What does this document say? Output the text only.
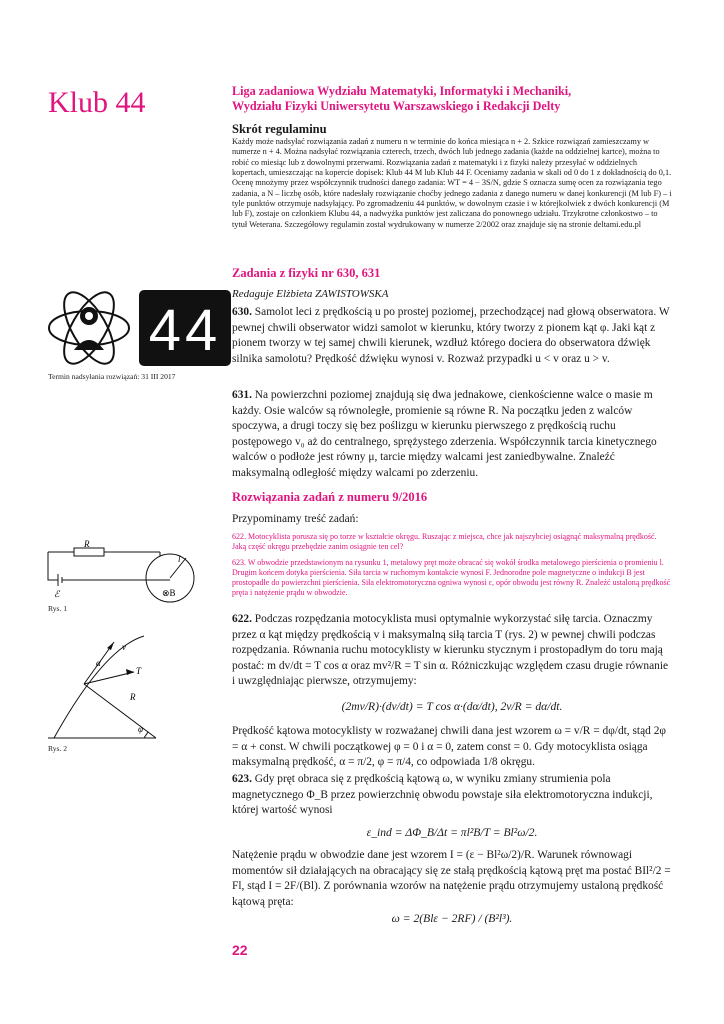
Klub 44	Liga zadaniowa Wydziału Matematyki, Informatyki i Mechaniki,
Wydziału Fizyki Uniwersytetu Warszawskiego i Redakcji Delty
Skrót regulaminu

Każdy może nadsyłać rozwiązania zadań z numeru n w terminie do końca miesiąca n + 2. Szkice rozwiązań zamieszczamy w numerze n + 4. Można nadsyłać rozwiązania czterech, trzech, dwóch lub jednego zadania (każde na oddzielnej kartce), można to robić co miesiąc lub z dowolnymi przerwami. Rozwiązania zadań z matematyki i z fizyki należy przesyłać w oddzielnych kopertach, umieszczając na kopercie dopisek: Klub 44 M lub Klub 44 F. Oceniamy zadania w skali od 0 do 1 z dokładnością do 0,1. Ocenę mnożymy przez współczynnik trudności danego zadania: WT = 4 − 3S/N, gdzie S oznacza sumę ocen za rozwiązania tego zadania, a N – liczbę osób, które nadesłały rozwiązanie choćby jednego zadania z danego numeru w danej konkurencji (M lub F) – i tyle punktów otrzymuje nadsyłający. Po zgromadzeniu 44 punktów, w dowolnym czasie i w którejkolwiek z dwóch konkurencji (M lub F), zostaje on członkiem Klubu 44, a nadwyżka punktów jest zaliczana do ponownego udziału. Trzykrotne członkostwo – to tytuł Weterana. Szczegółowy regulamin został wydrukowany w numerze 2/2002 oraz znajduje się na stronie deltami.edu.pl

44
Termin nadsyłania rozwiązań: 31 III 2017
Zadania z fizyki nr 630, 631
Redaguje Elżbieta ZAWISTOWSKA

630. Samolot leci z prędkością u po prostej poziomej, przechodzącej nad głową obserwatora. W pewnej chwili obserwator widzi samolot w kierunku, który tworzy z pionem kąt φ. Jaki kąt z pionem tworzy w tej samej chwili kierunek, wzdłuż którego dociera do obserwatora dźwięk silnika samolotu? Prędkość dźwięku wynosi v. Rozważ przypadki u < v oraz u > v.

631. Na powierzchni poziomej znajdują się dwa jednakowe, cienkościenne walce o masie m każdy. Osie walców są równoległe, promienie są równe R. Na początku jeden z walców spoczywa, a drugi toczy się bez poślizgu w kierunku pierwszego z prędkością ruchu postępowego v₀ aż do centralnego, sprężystego zderzenia. Współczynnik tarcia kinetycznego walców o podłoże jest równy μ, tarcie między walcami jest zaniedbywalne. Znaleźć maksymalną odległość między walcami po zderzeniu.

Rozwiązania zadań z numeru 9/2016
Przypominamy treść zadań:
622. Motocyklista porusza się po torze w kształcie okręgu. Ruszając z miejsca, chce jak najszybciej osiągnąć maksymalną prędkość. Jaką część okręgu przebędzie zanim osiągnie ten cel?
623. W obwodzie przedstawionym na rysunku 1, metalowy pręt może obracać się wokół środka metalowego pierścienia o promieniu l. Drugim końcem dotyka pierścienia. Siła tarcia w ruchomym kontakcie wynosi F. Jednorodne pole magnetyczne o indukcji B jest prostopadłe do powierzchni pierścienia. Siła elektromotoryczna ogniwa wynosi ε, opór obwodu jest równy R. Znaleźć ustaloną prędkość pręta i natężenie prądu w obwodzie.

622. Podczas rozpędzania motocyklista musi optymalnie wykorzystać siłę tarcia. Oznaczmy przez α kąt między prędkością v i maksymalną siłą tarcia T (rys. 2) w pewnej chwili podczas rozpędzania. Równania ruchu motocyklisty w kierunku stycznym i prostopadłym do toru mają postać: m dv/dt = T cos α oraz mv²/R = T sin α. Różniczkując względem czasu drugie równanie i uwzględniając pierwsze, otrzymujemy:

(2mv/R)·(dv/dt) = T cos α·(dα/dt), 2v/R = dα/dt.
Prędkość kątowa motocyklisty w rozważanej chwili dana jest wzorem ω = v/R = dφ/dt, stąd 2φ = α + const. W chwili początkowej φ = 0 i α = 0, zatem const = 0. Gdy motocyklista osiąga maksymalną prędkość, α = π/2, φ = π/4, co odpowiada 1/8 okręgu.

623. Gdy pręt obraca się z prędkością kątową ω, w wyniku zmiany strumienia pola magnetycznego Φ_B przez powierzchnię obwodu powstaje siła elektromotoryczna indukcji, której wartość wynosi

ε_ind = ΔΦ_B/Δt = πl²B/T = Bl²ω/2.
Natężenie prądu w obwodzie dane jest wzorem I = (ε − Bl²ω/2)/R. Warunek równowagi momentów sił działających na obracający się ze stałą prędkością kątową pręt ma postać BIl²/2 = Fl, stąd I = 2F/(Bl). Z porównania wzorów na natężenie prądu otrzymujemy ustaloną prędkość kątową pręta:
ω = 2(Blε − 2RF) / (B²l³).
R
l
ℰ	⊗B
Rys. 1
v
α
T
R
φ
Rys. 2
22
